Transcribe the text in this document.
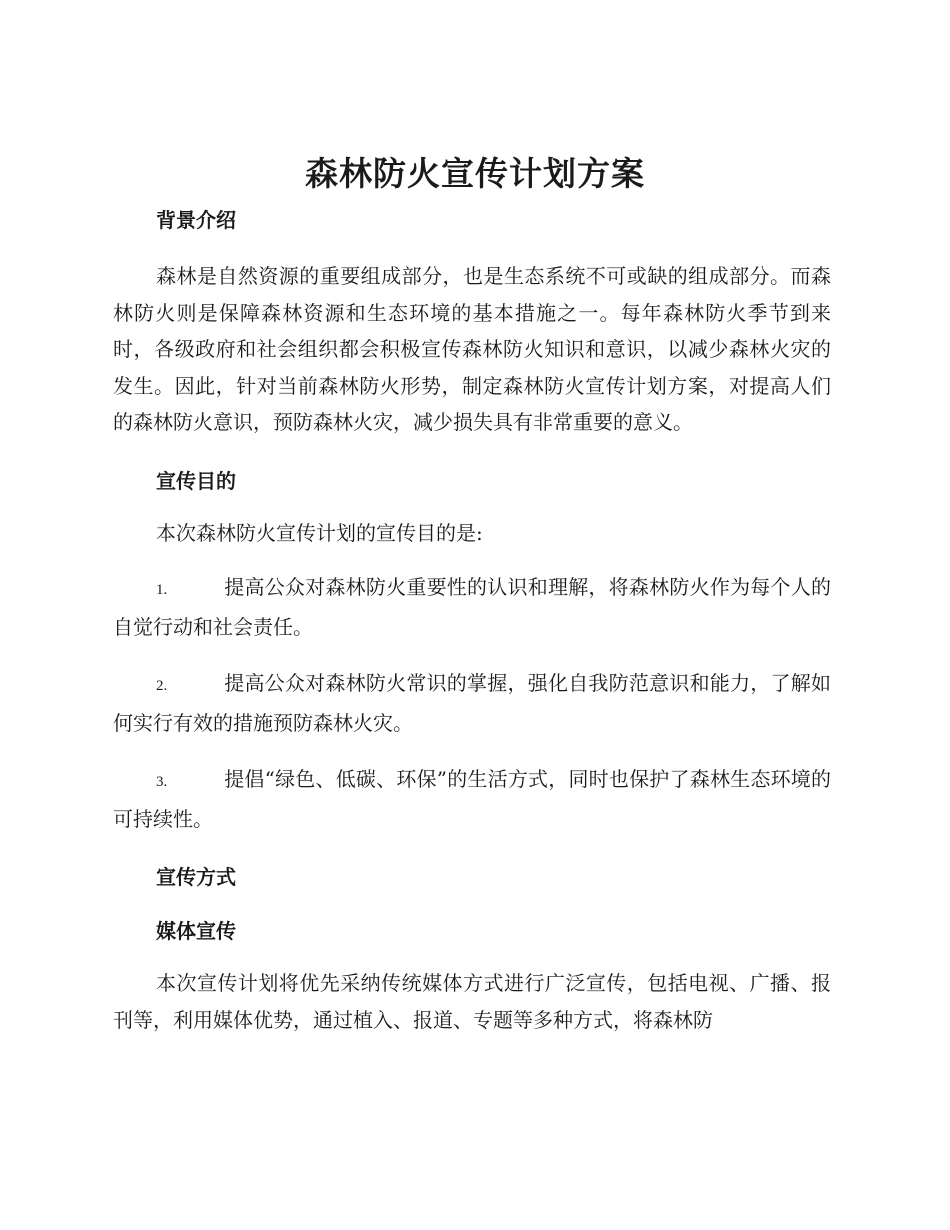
森林防火宣传计划方案
背景介绍
森林是自然资源的重要组成部分，也是生态系统不可或缺的组成部分。而森林防火则是保障森林资源和生态环境的基本措施之一。每年森林防火季节到来时，各级政府和社会组织都会积极宣传森林防火知识和意识，以减少森林火灾的发生。因此，针对当前森林防火形势，制定森林防火宣传计划方案，对提高人们的森林防火意识，预防森林火灾，减少损失具有非常重要的意义。
宣传目的
本次森林防火宣传计划的宣传目的是:
1.	提高公众对森林防火重要性的认识和理解，将森林防火作为每个人的自觉行动和社会责任。
2.	提高公众对森林防火常识的掌握，强化自我防范意识和能力，了解如何实行有效的措施预防森林火灾。
3.	提倡“绿色、低碳、环保”的生活方式，同时也保护了森林生态环境的可持续性。
宣传方式
媒体宣传
本次宣传计划将优先采纳传统媒体方式进行广泛宣传，包括电视、广播、报刊等，利用媒体优势，通过植入、报道、专题等多种方式，将森林防
